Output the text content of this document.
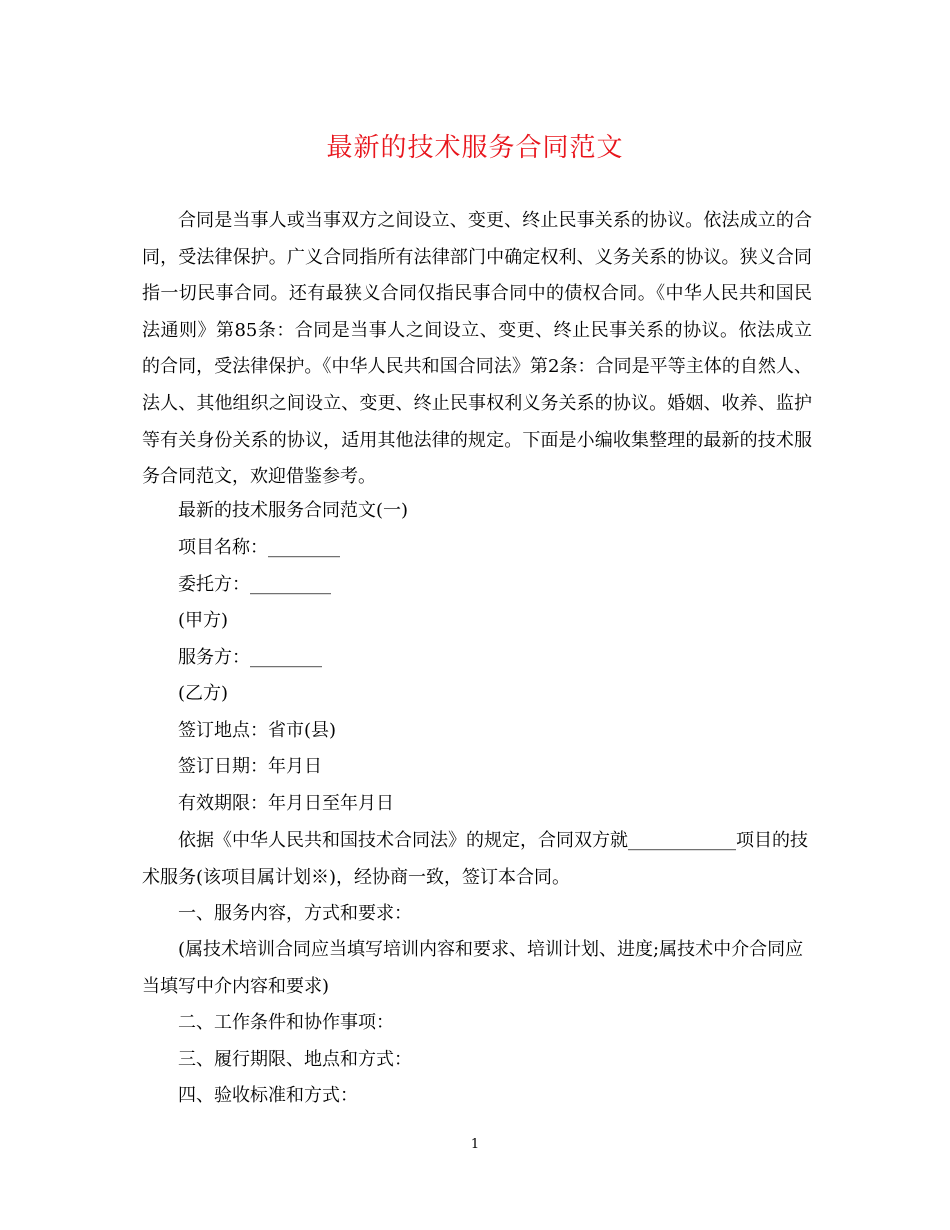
最新的技术服务合同范文
合同是当事人或当事双方之间设立、变更、终止民事关系的协议。依法成立的合同，受法律保护。广义合同指所有法律部门中确定权利、义务关系的协议。狭义合同指一切民事合同。还有最狭义合同仅指民事合同中的债权合同。《中华人民共和国民法通则》第85条：合同是当事人之间设立、变更、终止民事关系的协议。依法成立的合同，受法律保护。《中华人民共和国合同法》第2条：合同是平等主体的自然人、法人、其他组织之间设立、变更、终止民事权利义务关系的协议。婚姻、收养、监护等有关身份关系的协议，适用其他法律的规定。下面是小编收集整理的最新的技术服务合同范文，欢迎借鉴参考。
最新的技术服务合同范文(一)
项目名称：________
委托方：_________
(甲方)
服务方：________
(乙方)
签订地点：省市(县)
签订日期：年月日
有效期限：年月日至年月日
依据《中华人民共和国技术合同法》的规定，合同双方就____________项目的技术服务(该项目属计划※)，经协商一致，签订本合同。
一、服务内容，方式和要求：
(属技术培训合同应当填写培训内容和要求、培训计划、进度;属技术中介合同应当填写中介内容和要求)
二、工作条件和协作事项：
三、履行期限、地点和方式：
四、验收标准和方式：
1
